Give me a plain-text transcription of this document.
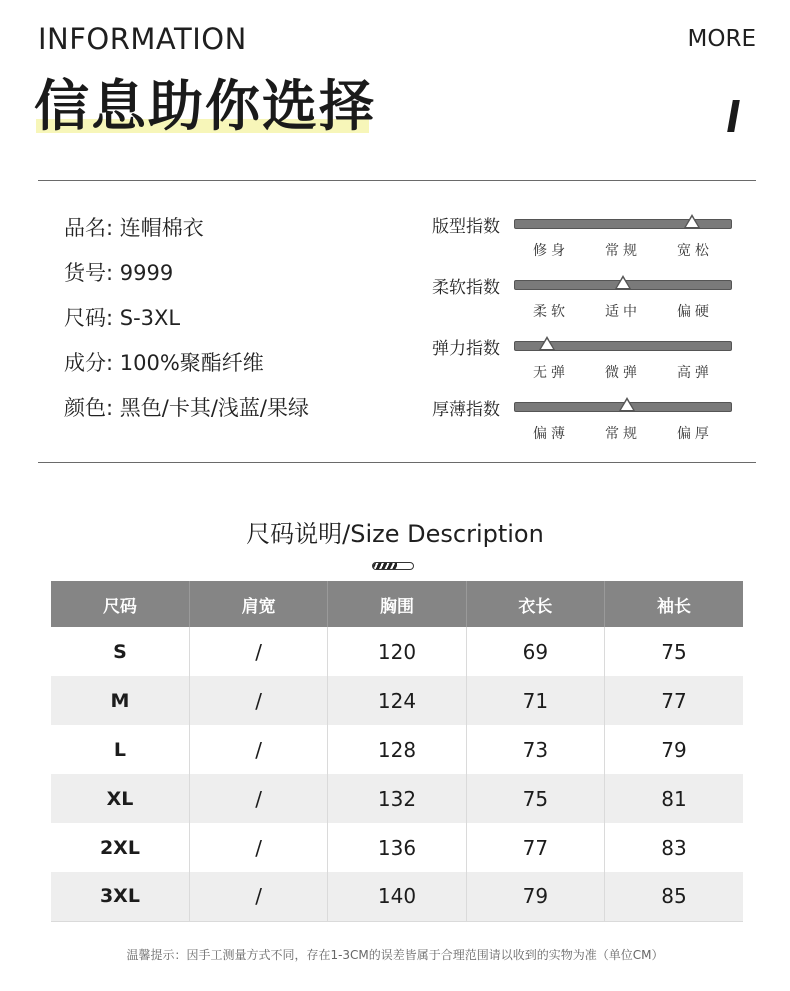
INFORMATION	MORE
信息助你选择
品名: 连帽棉衣
货号: 9999
尺码: S-3XL
成分: 100%聚酯纤维
颜色: 黑色/卡其/浅蓝/果绿
版型指数
修身	常规	宽松
柔软指数
柔软	适中	偏硬
弹力指数
无弹	微弹	高弹
厚薄指数
偏薄	常规	偏厚
尺码说明/Size Description
尺码	肩宽	胸围	衣长	袖长
S	/	120	69	75
M	/	124	71	77
L	/	128	73	79
XL	/	132	75	81
2XL	/	136	77	83
3XL	/	140	79	85
温馨提示：因手工测量方式不同，存在1-3CM的误差皆属于合理范围请以收到的实物为准（单位CM）
